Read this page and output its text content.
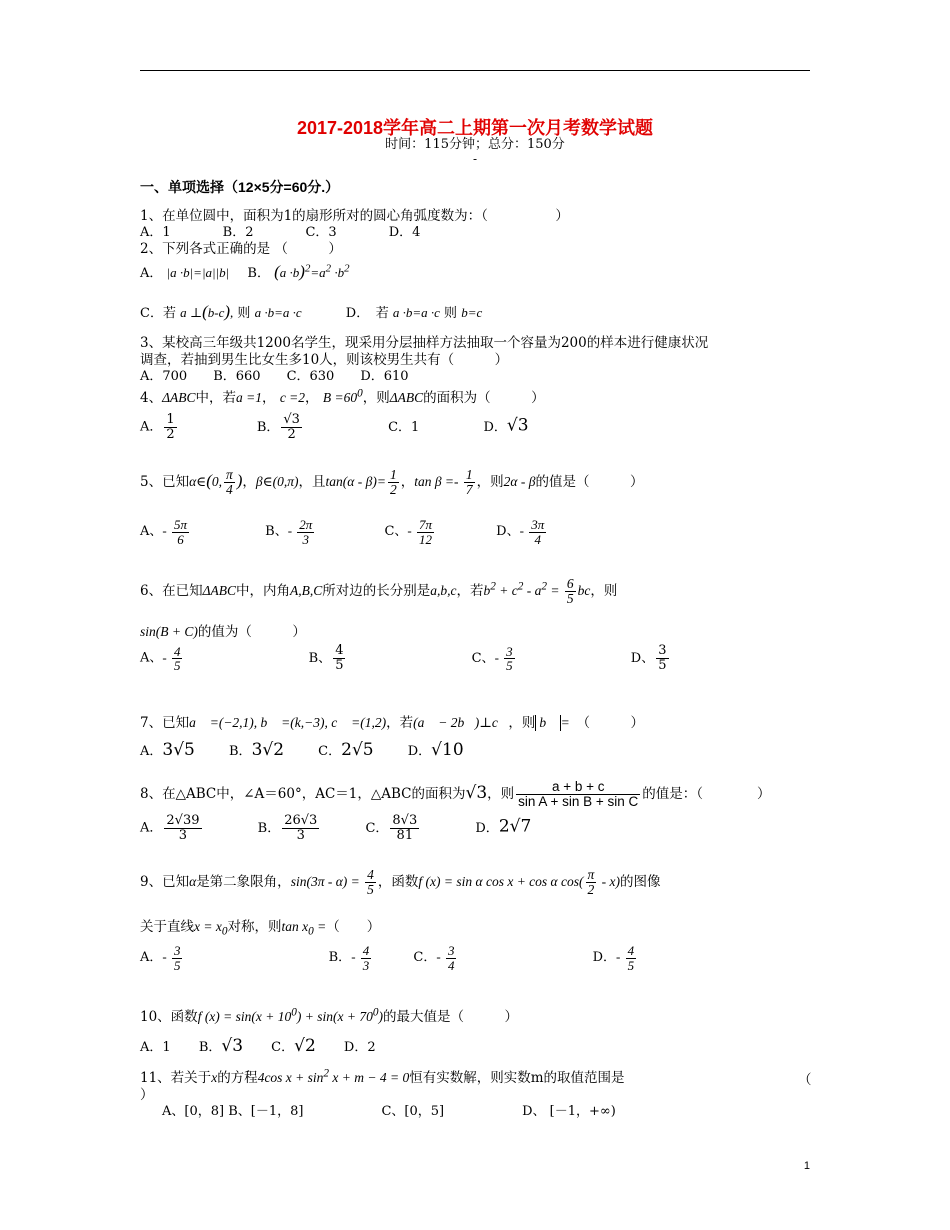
2017-2018学年高二上期第一次月考数学试题
时间：115分钟；总分：150分
-
一、单项选择（12×5分=60分.）
1、在单位圆中，面积为1的扇形所对的圆心角弧度数为：（　　　　　）
A．1　　　　B．2　　　　C．3　　　　D．4
2、下列各式正确的是 （　　　）
A． |a ·b|=|a||b| B． $(a \cdot b)^2=a^2 \cdot b^2$
C．若 a ⊥(b-c), 则 a ·b=a ·c	D．　若 a ·b=a ·c 则 b=c
3、某校高三年级共1200名学生，现采用分层抽样方法抽取一个容量为200的样本进行健康状况
调查，若抽到男生比女生多10人，则该校男生共有（　　　）
A．700　　B．660　　C．630　　D．610
4、ΔABC中，若a =1， c =2， $B =60^0$，则ΔABC的面积为（　　　）
A． $\frac{1}{2}$	B． $\frac{√3}{2}$	C．1	D．√3
5、已知α∈(0, $\frac{\pi}{4}$ )，β∈(0,π)，且$\tan(\alpha - \beta)= \frac{1}{2}$ ，$\tan \beta =- \frac{1}{7}$ ，则2α - β的值是（　　　）
A、- $\frac{5\pi}{6}$	B、- $\frac{2\pi}{3}$	C、- $\frac{7\pi}{12}$	D、- $\frac{3\pi}{4}$
6、在已知ΔABC中，内角A,B,C所对边的长分别是a,b,c，若$b^2 + c^2 - a^2 = \frac{6}{5}$ bc，则
sin(B + C)的值为（　　　）
A、- $\frac{4}{5}$	B、 $\frac{4}{5}$	C、- $\frac{3}{5}$	D、 $\frac{3}{5}$
7、已知a⃗ =(−2,1), b⃗ =(k,−3), c⃗ =(1,2)，若(a⃗ − 2b⃗)⊥c⃗，则 b⃗ =　 （　　　）
A．3√5	B．3√2	C．2√5	D．√10
8、在△ABC中，∠A＝60°，AC＝1，△ABC的面积为√3，则 $\frac{a + b + c}{\text{sin A + sin B + sin C}}$ 的值是：（　　　　）
A． $\frac{2√39}{3}$	B． $\frac{26√3}{3}$	C． $\frac{8√3}{81}$	D．2√7
9、已知α是第二象限角，$\sin(3\pi - \alpha) = \frac{4}{5}$ ，函数f (x) = sin α cos x + cos α $\cos( \frac{\pi}{2} - x)$的图像
关于直线$x = x_0$对称，则$\tan x_0$ =（　　）
A．- $\frac{3}{5}$	B．- $\frac{4}{3}$	C．- $\frac{3}{4}$	D．- $\frac{4}{5}$
10、函数f $(x) = \sin(x + 10^0) + \sin(x + 70^0)$的最大值是（　　　）
A．1 B．√3 C．√2 D．2
11、若关于x的方程4cos $x + \sin^2 x + m - 4 = 0$恒有实数解，则实数m的取值范围是	（
）
A、[0，8] B、[－1，8]　　　　　　C、[0，5]　　　　　　D、 [－1，+∞)
1
